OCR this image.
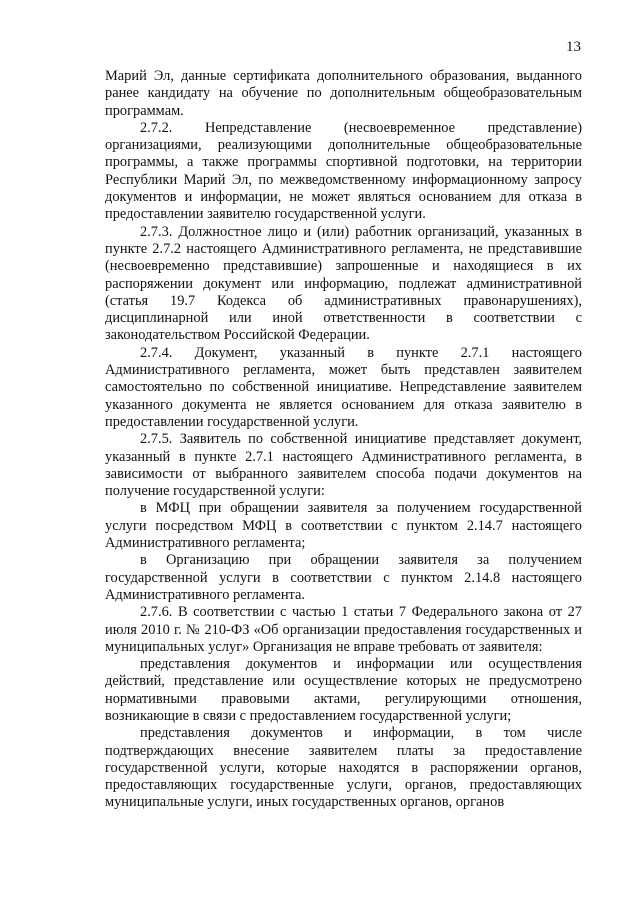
13

Марий Эл, данные сертификата дополнительного образования, выданного ранее кандидату на обучение по дополнительным общеобразовательным программам.

2.7.2. Непредставление (несвоевременное представление) организациями, реализующими дополнительные общеобразовательные программы, а также программы спортивной подготовки, на территории Республики Марий Эл, по межведомственному информационному запросу документов и информации, не может являться основанием для отказа в предоставлении заявителю государственной услуги.

2.7.3. Должностное лицо и (или) работник организаций, указанных в пункте 2.7.2 настоящего Административного регламента, не представившие (несвоевременно представившие) запрошенные и находящиеся в их распоряжении документ или информацию, подлежат административной (статья 19.7 Кодекса об административных правонарушениях), дисциплинарной или иной ответственности в соответствии с законодательством Российской Федерации.

2.7.4. Документ, указанный в пункте 2.7.1 настоящего Административного регламента, может быть представлен заявителем самостоятельно по собственной инициативе. Непредставление заявителем указанного документа не является основанием для отказа заявителю в предоставлении государственной услуги.

2.7.5. Заявитель по собственной инициативе представляет документ, указанный в пункте 2.7.1 настоящего Административного регламента, в зависимости от выбранного заявителем способа подачи документов на получение государственной услуги:

в МФЦ при обращении заявителя за получением государственной услуги посредством МФЦ в соответствии с пунктом 2.14.7 настоящего Административного регламента;

в Организацию при обращении заявителя за получением государственной услуги в соответствии с пунктом 2.14.8 настоящего Административного регламента.

2.7.6. В соответствии с частью 1 статьи 7 Федерального закона от 27 июля 2010 г. № 210-ФЗ «Об организации предоставления государственных и муниципальных услуг» Организация не вправе требовать от заявителя:

представления документов и информации или осуществления действий, представление или осуществление которых не предусмотрено нормативными правовыми актами, регулирующими отношения, возникающие в связи с предоставлением государственной услуги;

представления документов и информации, в том числе подтверждающих внесение заявителем платы за предоставление государственной услуги, которые находятся в распоряжении органов, предоставляющих государственные услуги, органов, предоставляющих муниципальные услуги, иных государственных органов, органов
